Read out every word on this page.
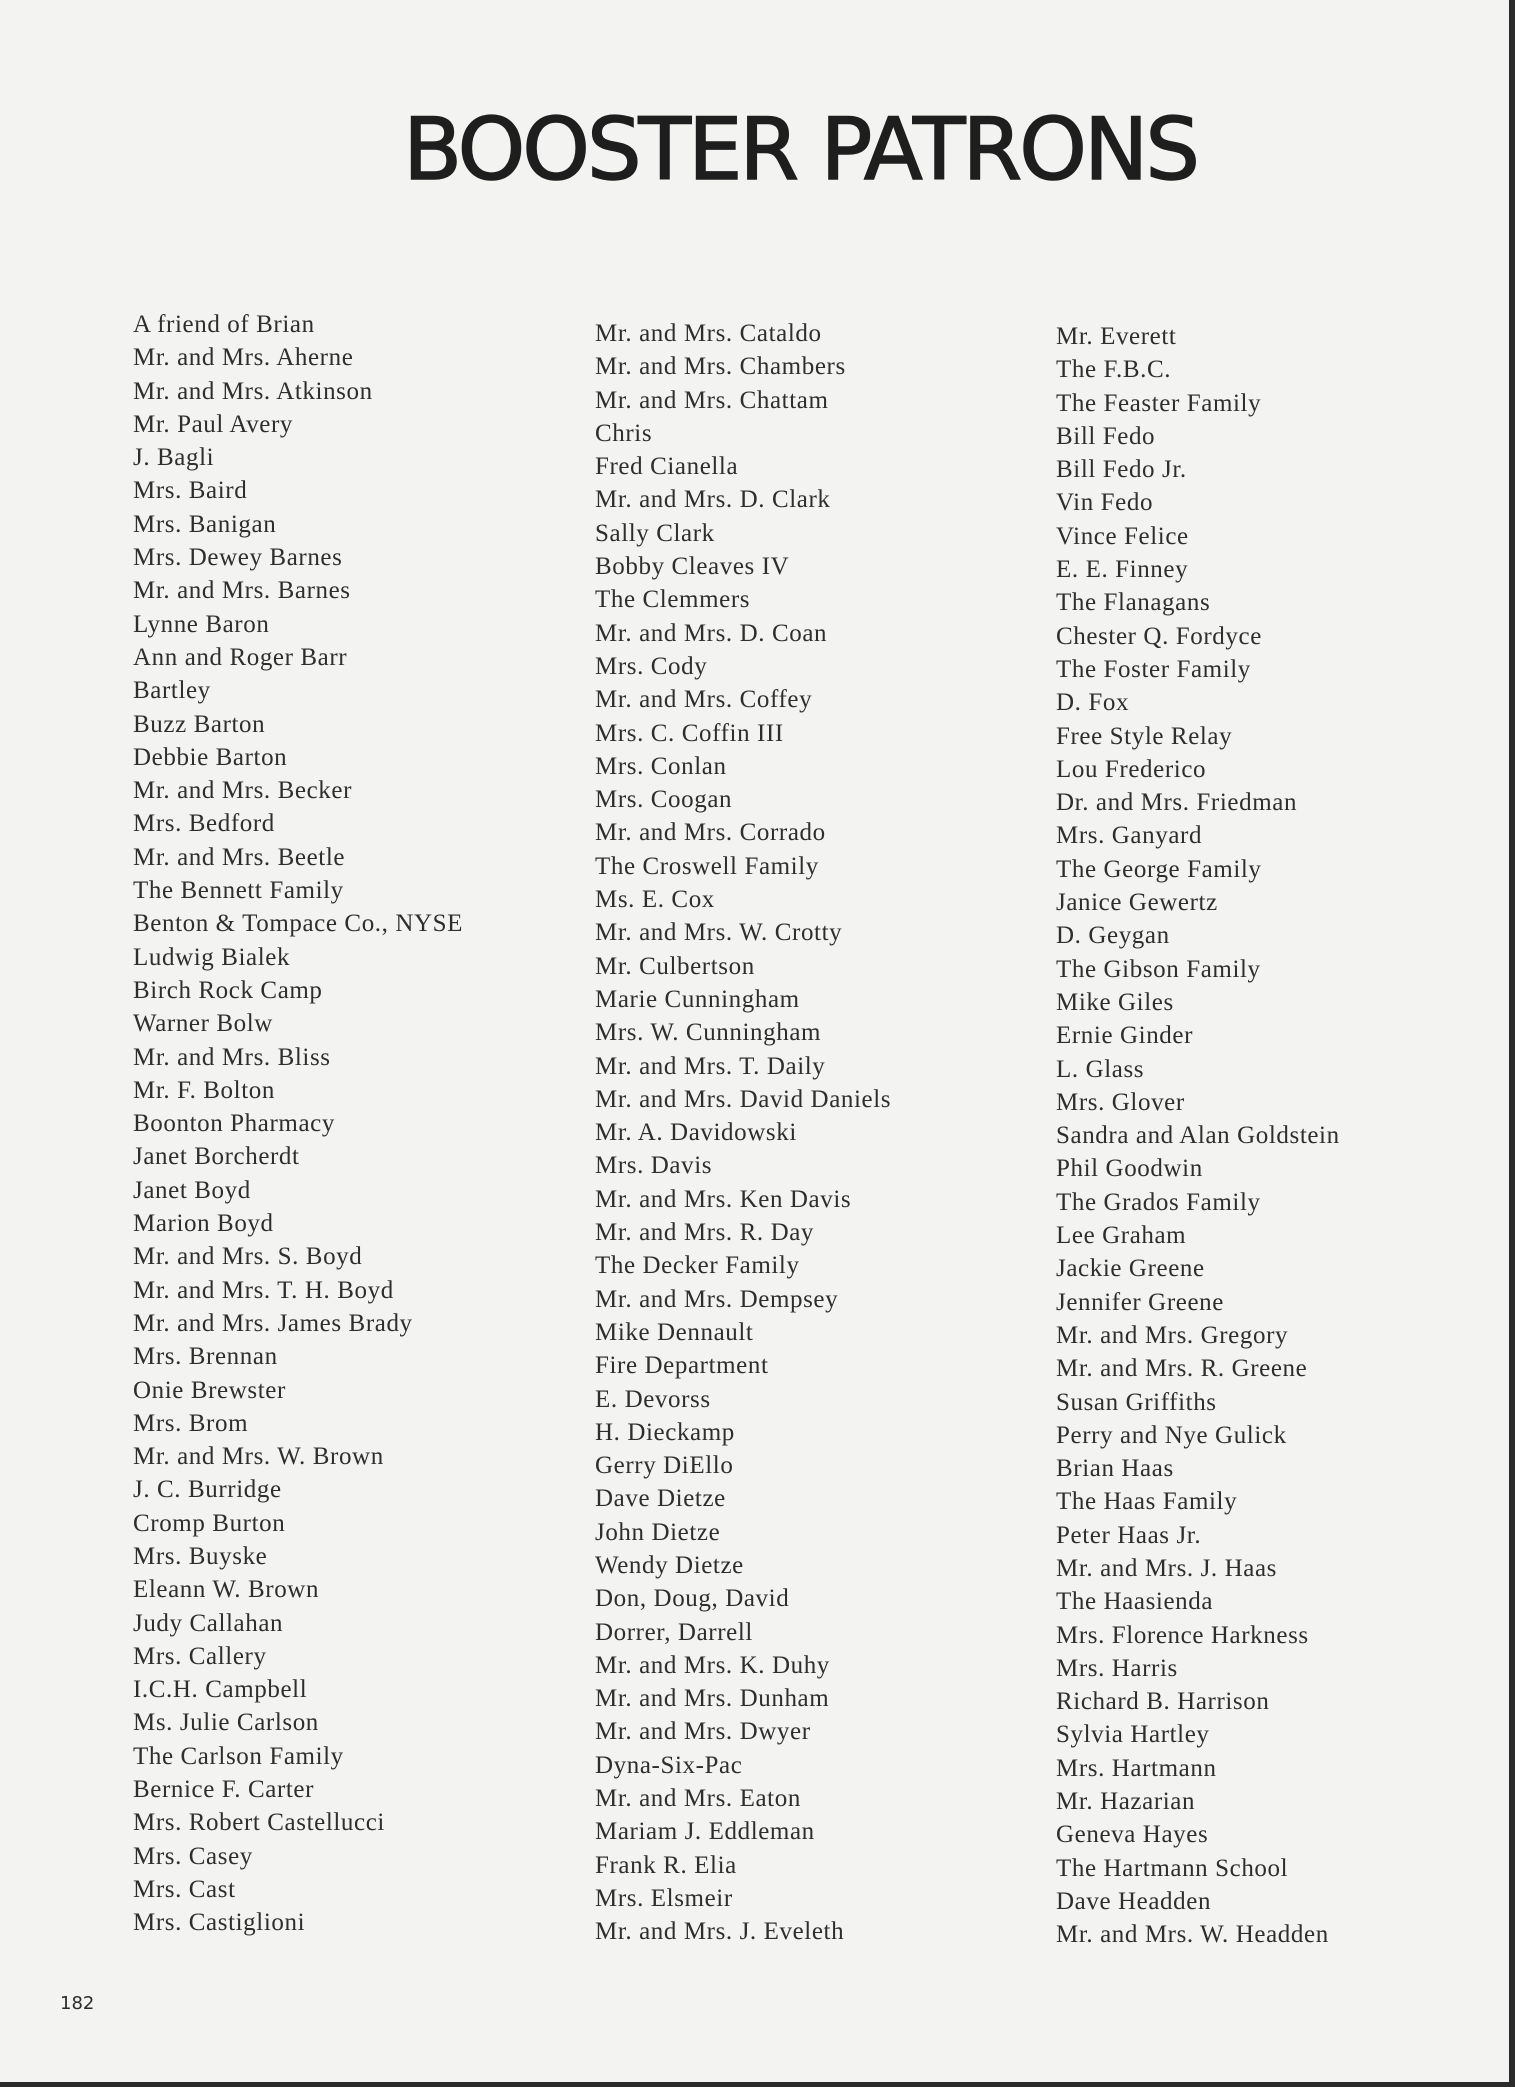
BOOSTER PATRONS
A friend of Brian
Mr. and Mrs. Aherne
Mr. and Mrs. Atkinson
Mr. Paul Avery
J. Bagli
Mrs. Baird
Mrs. Banigan
Mrs. Dewey Barnes
Mr. and Mrs. Barnes
Lynne Baron
Ann and Roger Barr
Bartley
Buzz Barton
Debbie Barton
Mr. and Mrs. Becker
Mrs. Bedford
Mr. and Mrs. Beetle
The Bennett Family
Benton & Tompace Co., NYSE
Ludwig Bialek
Birch Rock Camp
Warner Bolw
Mr. and Mrs. Bliss
Mr. F. Bolton
Boonton Pharmacy
Janet Borcherdt
Janet Boyd
Marion Boyd
Mr. and Mrs. S. Boyd
Mr. and Mrs. T. H. Boyd
Mr. and Mrs. James Brady
Mrs. Brennan
Onie Brewster
Mrs. Brom
Mr. and Mrs. W. Brown
J. C. Burridge
Cromp Burton
Mrs. Buyske
Eleann W. Brown
Judy Callahan
Mrs. Callery
I.C.H. Campbell
Ms. Julie Carlson
The Carlson Family
Bernice F. Carter
Mrs. Robert Castellucci
Mrs. Casey
Mrs. Cast
Mrs. Castiglioni
Mr. and Mrs. Cataldo
Mr. and Mrs. Chambers
Mr. and Mrs. Chattam
Chris
Fred Cianella
Mr. and Mrs. D. Clark
Sally Clark
Bobby Cleaves IV
The Clemmers
Mr. and Mrs. D. Coan
Mrs. Cody
Mr. and Mrs. Coffey
Mrs. C. Coffin III
Mrs. Conlan
Mrs. Coogan
Mr. and Mrs. Corrado
The Croswell Family
Ms. E. Cox
Mr. and Mrs. W. Crotty
Mr. Culbertson
Marie Cunningham
Mrs. W. Cunningham
Mr. and Mrs. T. Daily
Mr. and Mrs. David Daniels
Mr. A. Davidowski
Mrs. Davis
Mr. and Mrs. Ken Davis
Mr. and Mrs. R. Day
The Decker Family
Mr. and Mrs. Dempsey
Mike Dennault
Fire Department
E. Devorss
H. Dieckamp
Gerry DiEllo
Dave Dietze
John Dietze
Wendy Dietze
Don, Doug, David
Dorrer, Darrell
Mr. and Mrs. K. Duhy
Mr. and Mrs. Dunham
Mr. and Mrs. Dwyer
Dyna-Six-Pac
Mr. and Mrs. Eaton
Mariam J. Eddleman
Frank R. Elia
Mrs. Elsmeir
Mr. and Mrs. J. Eveleth
Mr. Everett
The F.B.C.
The Feaster Family
Bill Fedo
Bill Fedo Jr.
Vin Fedo
Vince Felice
E. E. Finney
The Flanagans
Chester Q. Fordyce
The Foster Family
D. Fox
Free Style Relay
Lou Frederico
Dr. and Mrs. Friedman
Mrs. Ganyard
The George Family
Janice Gewertz
D. Geygan
The Gibson Family
Mike Giles
Ernie Ginder
L. Glass
Mrs. Glover
Sandra and Alan Goldstein
Phil Goodwin
The Grados Family
Lee Graham
Jackie Greene
Jennifer Greene
Mr. and Mrs. Gregory
Mr. and Mrs. R. Greene
Susan Griffiths
Perry and Nye Gulick
Brian Haas
The Haas Family
Peter Haas Jr.
Mr. and Mrs. J. Haas
The Haasienda
Mrs. Florence Harkness
Mrs. Harris
Richard B. Harrison
Sylvia Hartley
Mrs. Hartmann
Mr. Hazarian
Geneva Hayes
The Hartmann School
Dave Headden
Mr. and Mrs. W. Headden
182
